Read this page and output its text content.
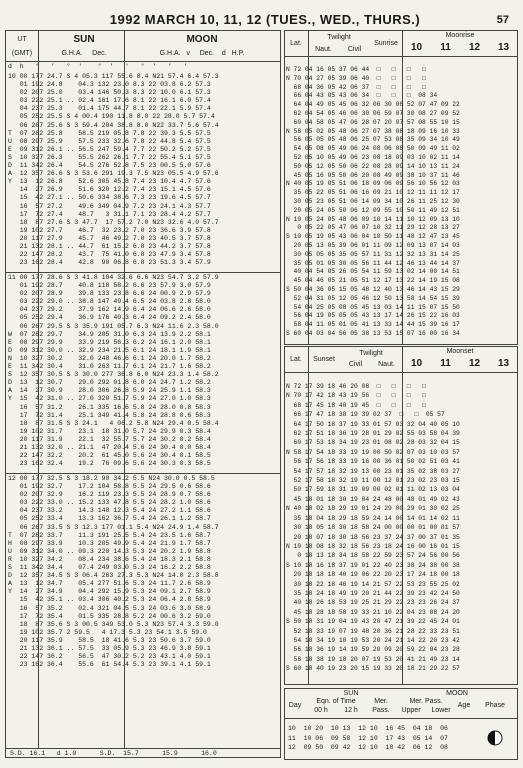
1992 MARCH 10, 11, 12 (TUES., WED., THURS.)	57
SUN	MOON
UT
(GMT)	G.H.A.     Dec.	G.H.A.   v     Dec.    d   H.P.
d  h   °   ′   °  ′    °  ′   ′   °  ′   ′   ′
10 00 177 24.7 S 4 05.3 117 55.6 8.4 N21 57.4 6.4 57.3
01 192 24.8    04.3 132 23.0 8.3 22 03.8 6.2 57.3
02 207 25.0    03.4 146 50.3 8.3 22 10.0 6.1 57.3
03 222 25.1 .. 02.4 161 17.6 8.1 22 16.1 6.0 57.4
04 237 25.3    01.4 175 44.7 8.1 22 22.1 5.9 57.4
05 252 25.5 S 4 00.4 190 11.8 8.0 22 28.0 5.7 57.4
06 267 25.6 S 3 59.4 204 38.8 8.0 N22 33.7 5.6 57.4
T  07 282 25.8    58.5 219 05.8 7.8 22 39.3 5.5 57.5
U  08 297 25.9    57.5 233 32.6 7.8 22 44.8 5.4 57.5
E  09 312 26.1 .. 56.5 247 59.4 7.7 22 50.2 5.2 57.5
S  10 327 26.3    55.5 262 26.1 7.7 22 55.4 5.1 57.5
D  11 342 26.4    54.5 276 52.8 7.5 23 00.5 5.0 57.6
A  12 357 26.6 S 3 53.6 291 19.3 7.5 N23 05.5 4.9 57.6
Y  13  12 26.8    52.6 305 45.8 7.4 23 10.4 4.7 57.6
14  27 26.9    51.6 320 12.2 7.4 23 15.1 4.5 57.6
15  42 27.1 .. 50.6 334 38.6 7.3 23 19.6 4.5 57.7
16  57 27.2    49.6 349 04.9 7.2 23 24.1 4.3 57.7
17  72 27.4    48.7   3 31.1 7.1 23 28.4 4.2 57.7
18  87 27.6 S 3 47.7  17 57.2 7.0 N23 32.6 4.0 57.7
19 102 27.7    46.7  32 23.2 7.0 23 36.6 3.9 57.8
20 117 27.9    45.7  46 49.2 7.0 23 40.5 3.7 57.8
21 132 28.1 .. 44.7  61 15.2 6.8 23 44.2 3.7 57.8
22 147 28.2    43.7  75 41.0 6.8 23 47.9 3.4 57.8
23 162 28.4    42.8  90 06.8 6.8 23 51.3 3.4 57.9
11 00 177 28.6 S 3 41.8 104 32.6 6.6 N23 54.7 3.2 57.9
01 192 28.7    40.8 118 58.2 6.6 23 57.9 3.0 57.9
02 207 28.9    39.8 133 23.8 6.6 24 00.9 2.9 57.9
03 222 29.0 .. 38.8 147 49.4 6.5 24 03.8 2.8 58.0
04 237 29.2    37.9 162 14.9 6.4 24 06.6 2.6 58.0
05 252 29.4    36.9 176 40.3 6.4 24 09.2 2.4 58.0
06 267 29.5 S 3 35.9 191 05.7 6.3 N24 11.6 2.3 58.0
W  07 282 29.7    34.9 205 31.0 6.3 24 13.9 2.2 58.1
E  08 297 29.9    33.9 219 56.3 6.2 24 16.1 2.0 58.1
D  09 312 30.0 .. 32.9 234 21.5 6.1 24 18.1 1.9 58.1
N  10 327 30.2    32.0 248 46.6 6.1 24 20.0 1.7 58.2
E  11 342 30.4    31.0 263 11.7 6.1 24 21.7 1.6 58.2
S  12 357 30.5 S 3 30.0 277 36.8 6.0 N24 23.3 1.4 58.2
D  13  12 30.7    29.0 292 01.8 6.0 24 24.7 1.2 58.2
A  14  27 30.9    28.0 306 26.8 5.9 24 25.9 1.1 58.3
Y  15  42 31.0 .. 27.0 320 51.7 5.9 24 27.0 1.0 58.3
16  57 31.2    26.1 335 16.6 5.8 24 28.0 0.8 58.3
17  72 31.4    25.1 349 41.4 5.8 24 28.8 0.6 58.3
18  87 31.5 S 3 24.1   4 06.2 5.8 N24 29.4 0.5 58.4
19 102 31.7    23.1  18 31.0 5.7 24 29.9 0.3 58.4
20 117 31.9    22.1  32 55.7 5.7 24 30.2 0.2 58.4
21 132 32.0 .. 21.1  47 20.4 5.6 24 30.4 0.0 58.4
22 147 32.2    20.2  61 45.0 5.6 24 30.4 0.1 58.5
23 162 32.4    19.2  76 09.6 5.6 24 30.3 0.3 58.5
12 00 177 32.5 S 3 18.2 90 34.2 5.5 N24 30.0 0.5 58.5
01 192 32.7    17.2 104 58.8 5.5 24 29.5 0.6 58.6
02 207 32.9    16.2 119 23.3 5.5 24 28.9 0.7 58.6
03 222 33.0 .. 15.2 133 47.8 5.5 24 28.2 1.0 58.6
04 237 33.2    14.3 148 12.3 5.4 24 27.2 1.1 58.6
05 252 33.4    13.3 162 36.7 5.4 24 26.1 1.2 58.7
06 267 33.5 S 3 12.3 177 01.1 5.4 N24 24.9 1.4 58.7
T  07 282 33.7    11.3 191 25.5 5.4 24 23.5 1.6 58.7
H  08 297 33.9    10.3 205 49.9 5.4 24 21.9 1.7 58.7
U  09 312 34.0 .. 09.3 220 14.3 5.3 24 20.2 1.9 58.8
R  10 327 34.2    08.4 234 38.6 5.4 24 18.3 2.1 58.8
S  11 342 34.4    07.4 249 03.0 5.3 24 16.2 2.2 58.8
D  12 357 34.5 S 3 06.4 263 27.3 5.3 N24 14.0 2.3 58.8
A  13  12 34.7    05.4 277 51.6 5.3 24 11.7 2.6 58.9
Y  14  27 34.9    04.4 292 15.9 5.3 24 09.1 2.7 58.9
15  42 35.1 .. 03.4 306 40.2 5.3 24 06.4 2.8 58.9
16  57 35.2    02.4 321 04.5 5.3 24 03.6 3.0 58.9
17  72 35.4    01.5 335 28.8 5.2 24 00.6 3.2 59.0
18  87 35.6 S 3 00.5 349 53.0 5.3 N23 57.4 3.3 59.0
19 102 35.7 2 59.5   4 17.3 5.3 23 54.1 3.5 59.0
20 117 35.9    58.5  18 41.6 5.3 23 50.6 3.7 59.0
21 132 36.1 .. 57.5  33 05.9 5.3 23 46.9 3.8 59.1
22 147 36.2    56.5  47 30.2 5.2 23 43.1 4.0 59.1
23 162 36.4    55.6  61 54.4 5.3 23 39.1 4.1 59.1
S.D. 16.1   d 1.0      S.D.  15.7      15.9      16.0
Lat.
Twilight
Naut.	Civil
Sunrise
Moonrise
10	11	12	13
N 72 04 16 05 37 06 44  □   □   □   □
N 70 04 27 05 39 06 40  □   □   □   □
68 04 36 05 42 06 37  □   □   □   □
66 04 43 05 43 06 34  □   □   □  08 34
64 04 49 05 45 06 32 06 30 06 52 07 47 09 22
62 04 54 05 46 06 30 06 59 07 30 08 27 09 52
60 04 58 05 47 06 28 07 20 07 57 08 55 10 15
N 58 05 02 05 48 06 27 07 38 08 18 09 16 10 33
56 05 05 05 48 06 25 07 53 08 35 09 34 10 49
54 05 08 05 49 06 24 08 06 08 50 09 49 11 02
52 05 10 05 49 06 23 08 18 09 03 10 02 11 14
50 05 12 05 50 06 22 08 28 09 14 10 13 11 24
45 05 16 05 50 06 20 08 49 09 38 10 37 11 46
N 40 05 19 05 51 06 18 09 06 09 56 10 56 12 03
35 05 22 05 51 06 16 09 21 10 12 11 11 12 17
30 05 23 05 51 06 14 09 34 10 26 11 25 12 30
20 05 24 05 50 06 12 09 55 10 50 11 49 12 51
N 10 05 24 05 48 06 09 10 14 11 10 12 09 13 10
0 05 22 05 47 06 07 10 32 11 29 12 28 13 27
S 10 05 19 05 43 06 04 10 50 11 48 12 47 13 45
20 05 13 05 39 06 01 11 09 12 09 13 07 14 03
30 05 05 05 35 05 57 11 31 12 32 13 31 14 25
35 05 01 05 30 05 56 11 44 12 46 13 44 14 37
40 04 54 05 26 05 54 11 59 13 02 14 00 14 51
45 04 46 05 21 05 51 12 17 13 22 14 19 15 08
S 50 04 36 05 15 05 48 12 40 13 46 14 43 15 29
52 04 31 05 12 05 46 12 50 13 58 14 54 15 39
54 04 25 05 08 05 45 13 03 14 11 15 07 15 50
56 04 19 05 05 05 43 13 17 14 26 15 22 16 03
58 04 11 05 01 05 41 13 33 14 44 15 39 16 17
S 60 04 03 04 56 05 38 13 53 15 07 16 00 16 34
Lat.	Sunset
Twilight
Civil	Naut.
Moonset
10	11	12	13
N 72 17 39 18 46 20 08  □   □   □   □
N 70 17 42 18 43 19 56  □   □   □   □
68 17 45 18 40 19 45  □   □   □   □
66 17 47 18 38 19 39 02 37  □   □  05 57
64 17 50 18 37 19 33 01 57 03 32 04 40 05 10
62 17 51 18 36 19 28 01 29 02 55 03 58 04 39
60 17 53 18 34 19 23 01 08 02 28 03 32 04 15
N 58 17 54 18 33 19 19 00 50 02 07 03 10 03 57
56 17 56 18 33 19 16 00 36 01 50 02 51 03 41
54 17 57 18 32 19 13 00 23 01 35 02 38 03 27
52 17 58 18 32 19 11 00 12 01 23 02 23 03 15
50 17 59 18 31 19 09 00 02 01 11 02 13 03 04
45 18 01 18 30 19 04 24 48 00 48 01 49 02 43
N 40 18 02 18 29 19 01 24 29 00 29 01 30 02 25
35 18 04 18 29 18 59 24 14 00 14 01 14 02 11
30 18 05 18 30 18 58 24 00 00 00 01 00 01 57
20 18 07 18 30 18 56 23 37 24 37 00 37 01 35
N 10 18 08 18 32 18 56 23 18 24 16 00 16 01 15
0 18 13 18 34 18 58 22 59 23 57 24 56 00 56
S 10 18 16 18 37 19 01 22 40 23 38 24 38 00 38
20 18 18 18 40 19 06 22 20 23 17 24 18 00 18
30 18 22 18 46 19 14 21 57 22 53 23 55 25 02
35 18 24 18 49 19 20 21 44 22 39 23 42 24 50
40 18 26 18 53 19 25 21 29 22 23 23 26 24 37
45 18 28 18 58 19 33 21 10 22 04 23 08 24 20
S 50 18 31 19 04 19 43 20 47 21 39 22 45 24 01
52 18 33 19 07 19 48 20 36 21 28 22 33 23 51
54 18 34 19 10 19 53 20 24 21 14 22 20 23 42
56 18 36 19 14 19 59 20 09 20 59 22 04 23 28
58 18 38 19 18 20 07 19 53 20 41 21 49 23 14
S 60 18 40 19 23 20 15 19 33 20 18 21 29 22 57
SUN	MOON
Day
Eqn. of Time
00 h	12 h
Mer.
Pass.
Mer. Pass.
Upper	Lower
Age	Phase
10  10 20  10 13  12 10  16 45  04 18  06
11  10 06  09 58  12 10  17 43  05 14  07
12  09 50  09 42  12 10  18 42  06 12  08
